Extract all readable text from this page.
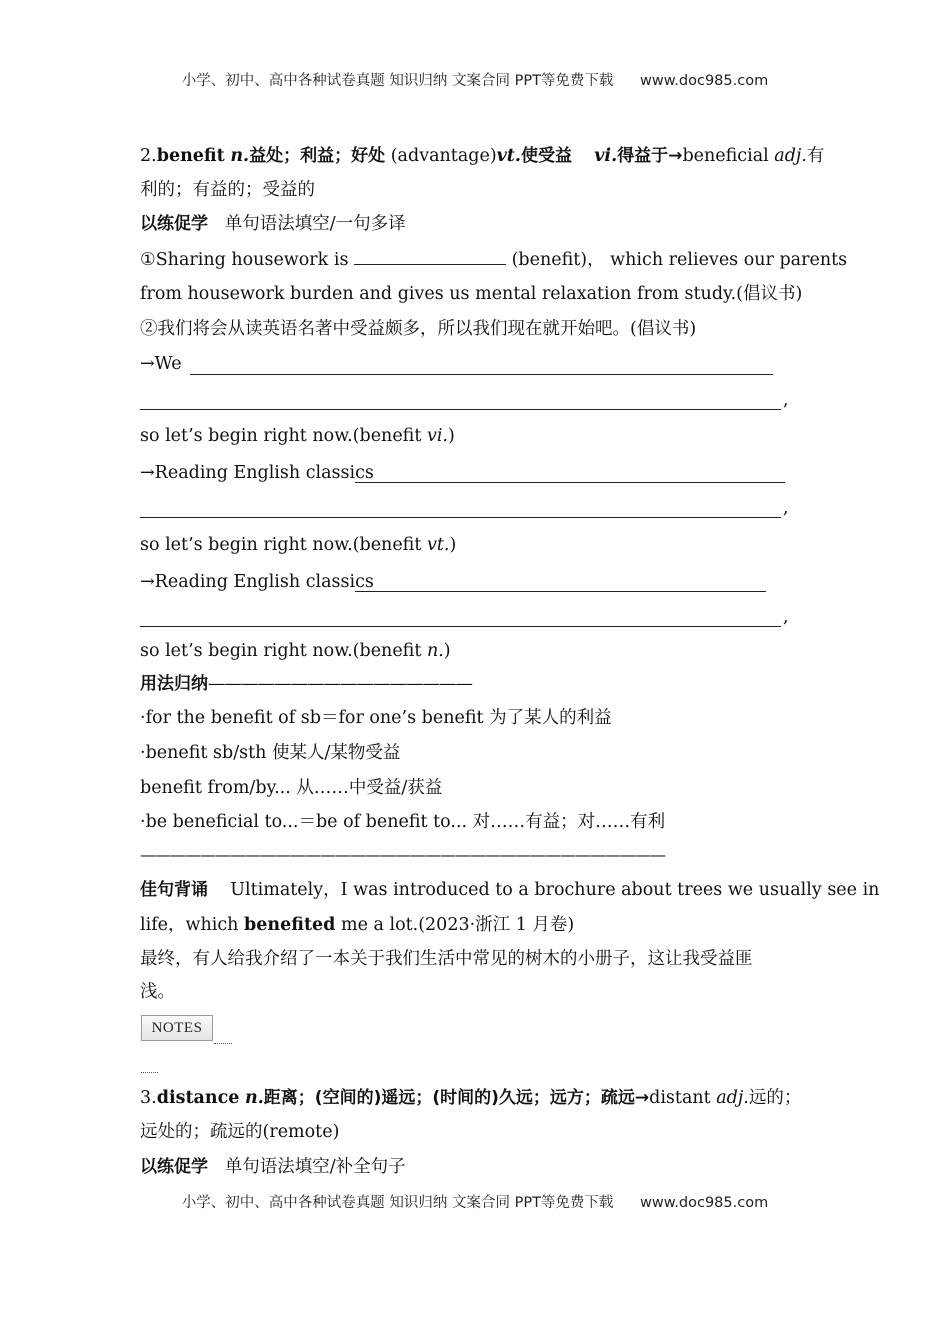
小学、初中、高中各种试卷真题 知识归纳 文案合同 PPT等免费下载 www.doc985.com
2.benefit n.益处；利益；好处 (advantage)vt.使受益 vi.得益于→beneficial adj.有
利的；有益的；受益的
以练促学 单句语法填空/一句多译
①Sharing housework is	(benefit)， which relieves our parents
from housework burden and gives us mental relaxation from study.(倡议书)
②我们将会从读英语名著中受益颇多，所以我们现在就开始吧。(倡议书)
→We
,
so let’s begin right now.(benefit vi.)
→Reading English classics
,
so let’s begin right now.(benefit vt.)
→Reading English classics
,
so let’s begin right now.(benefit n.)
用法归纳————————————————
·for the benefit of sb＝for one’s benefit 为了某人的利益
·benefit sb/sth 使某人/某物受益
benefit from/by... 从……中受益/获益
·be beneficial to...＝be of benefit to... 对……有益；对……有利
———————————————————————————————————
佳句背诵 Ultimately，I was introduced to a brochure about trees we usually see in
life，which benefited me a lot.(2023·浙江 1 月卷)
最终，有人给我介绍了一本关于我们生活中常见的树木的小册子，这让我受益匪
浅。
NOTES
3.distance n.距离；(空间的)遥远；(时间的)久远；远方；疏远→distant adj.远的；
远处的；疏远的(remote)
以练促学 单句语法填空/补全句子
小学、初中、高中各种试卷真题 知识归纳 文案合同 PPT等免费下载 www.doc985.com
